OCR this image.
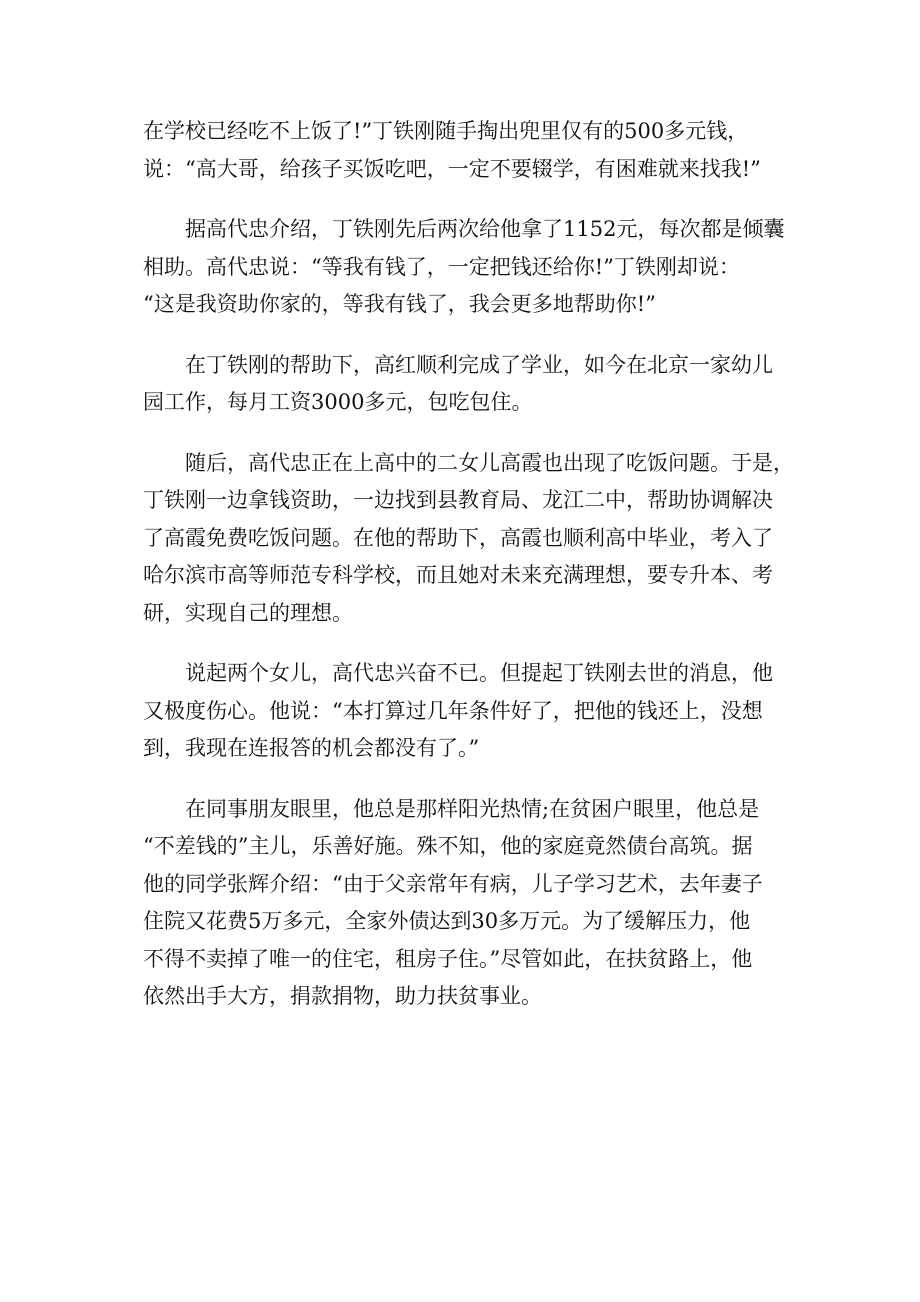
在学校已经吃不上饭了!”丁铁刚随手掏出兜里仅有的500多元钱，
说：“高大哥，给孩子买饭吃吧，一定不要辍学，有困难就来找我!”

据高代忠介绍，丁铁刚先后两次给他拿了1152元，每次都是倾囊
相助。高代忠说：“等我有钱了，一定把钱还给你!”丁铁刚却说：
“这是我资助你家的，等我有钱了，我会更多地帮助你!”

在丁铁刚的帮助下，高红顺利完成了学业，如今在北京一家幼儿
园工作，每月工资3000多元，包吃包住。

随后，高代忠正在上高中的二女儿高霞也出现了吃饭问题。于是，
丁铁刚一边拿钱资助，一边找到县教育局、龙江二中，帮助协调解决
了高霞免费吃饭问题。在他的帮助下，高霞也顺利高中毕业，考入了
哈尔滨市高等师范专科学校，而且她对未来充满理想，要专升本、考
研，实现自己的理想。

说起两个女儿，高代忠兴奋不已。但提起丁铁刚去世的消息，他
又极度伤心。他说：“本打算过几年条件好了，把他的钱还上，没想
到，我现在连报答的机会都没有了。”

在同事朋友眼里，他总是那样阳光热情;在贫困户眼里，他总是
“不差钱的”主儿，乐善好施。殊不知，他的家庭竟然债台高筑。据
他的同学张辉介绍：“由于父亲常年有病，儿子学习艺术，去年妻子
住院又花费5万多元，全家外债达到30多万元。为了缓解压力，他
不得不卖掉了唯一的住宅，租房子住。”尽管如此，在扶贫路上，他
依然出手大方，捐款捐物，助力扶贫事业。
